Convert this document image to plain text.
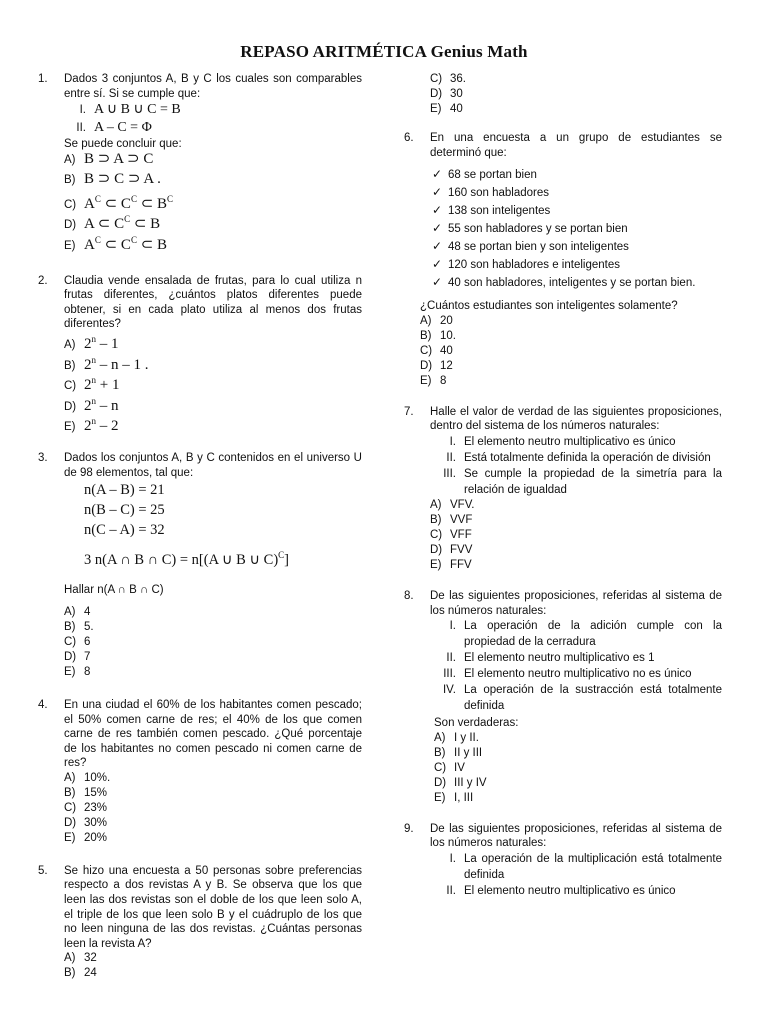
REPASO ARITMÉTICA Genius Math
1. Dados 3 conjuntos A, B y C los cuales son comparables entre sí. Si se cumple que:
I. A ∪ B ∪ C = B
II. A – C = Φ
Se puede concluir que:
A) B ⊃ A ⊃ C
B) B ⊃ C ⊃ A .
C) $A^C$ ⊂ $C^C$ ⊂ $B^C$
D) A ⊂ $C^C$ ⊂ B
E) $A^C$ ⊂ $C^C$ ⊂ B
2. Claudia vende ensalada de frutas, para lo cual utiliza n frutas diferentes, ¿cuántos platos diferentes puede obtener, si en cada plato utiliza al menos dos frutas diferentes?
A) 2$^n$ – 1
B) 2$^n$ – n – 1 .
C) $2^n + 1$
D) 2$^n$ – n
E) 2$^n$ – 2
3. Dados los conjuntos A, B y C contenidos en el universo U de 98 elementos, tal que:
n(A – B) = 21
n(B – C) = 25
n(C – A) = 32
3 n(A ∩ B ∩ C) = n[(A ∪ B ∪ C)$^C$]
Hallar n(A ∩ B ∩ C)
A) 4
B) 5.
C) 6
D) 7
E) 8
4. En una ciudad el 60% de los habitantes comen pescado; el 50% comen carne de res; el 40% de los que comen carne de res también comen pescado. ¿Qué porcentaje de los habitantes no comen pescado ni comen carne de res?
A) 10%.
B) 15%
C) 23%
D) 30%
E) 20%
5. Se hizo una encuesta a 50 personas sobre preferencias respecto a dos revistas A y B. Se observa que los que leen las dos revistas son el doble de los que leen solo A, el triple de los que leen solo B y el cuádruplo de los que no leen ninguna de las dos revistas. ¿Cuántas personas leen la revista A?
A) 32
B) 24
C) 36.
D) 30
E) 40
6. En una encuesta a un grupo de estudiantes se determinó que:
✓ 68 se portan bien
✓ 160 son habladores
✓ 138 son inteligentes
✓ 55 son habladores y se portan bien
✓ 48 se portan bien y son inteligentes
✓ 120 son habladores e inteligentes
✓ 40 son habladores, inteligentes y se portan bien.
¿Cuántos estudiantes son inteligentes solamente?
A) 20
B) 10.
C) 40
D) 12
E) 8
7. Halle el valor de verdad de las siguientes proposiciones, dentro del sistema de los números naturales:
I. El elemento neutro multiplicativo es único
II. Está totalmente definida la operación de división
III. Se cumple la propiedad de la simetría para la relación de igualdad
A) VFV.
B) VVF
C) VFF
D) FVV
E) FFV
8. De las siguientes proposiciones, referidas al sistema de los números naturales:
I. La operación de la adición cumple con la propiedad de la cerradura
II. El elemento neutro multiplicativo es 1
III. El elemento neutro multiplicativo no es único
IV. La operación de la sustracción está totalmente definida
Son verdaderas:
A) I y II.
B) II y III
C) IV
D) III y IV
E) I, III
9. De las siguientes proposiciones, referidas al sistema de los números naturales:
I. La operación de la multiplicación está totalmente definida
II. El elemento neutro multiplicativo es único
